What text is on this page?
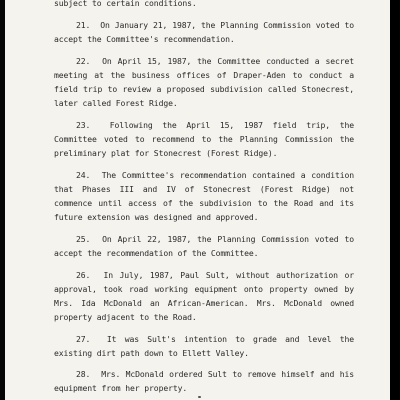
subject to certain conditions.

21. On January 21, 1987, the Planning Commission voted to accept the Committee's recommendation.

22. On April 15, 1987, the Committee conducted a secret meeting at the business offices of Draper-Aden to conduct a field trip to review a proposed subdivision called Stonecrest, later called Forest Ridge.

23. Following the April 15, 1987 field trip, the Committee voted to recommend to the Planning Commission the preliminary plat for Stonecrest (Forest Ridge).

24. The Committee's recommendation contained a condition that Phases III and IV of Stonecrest (Forest Ridge) not commence until access of the subdivision to the Road and its future extension was designed and approved.

25. On April 22, 1987, the Planning Commission voted to accept the recommendation of the Committee.

26. In July, 1987, Paul Sult, without authorization or approval, took road working equipment onto property owned by Mrs. Ida McDonald an African-American. Mrs. McDonald owned property adjacent to the Road.

27. It was Sult's intention to grade and level the existing dirt path down to Ellett Valley.

28. Mrs. McDonald ordered Sult to remove himself and his equipment from her property.
